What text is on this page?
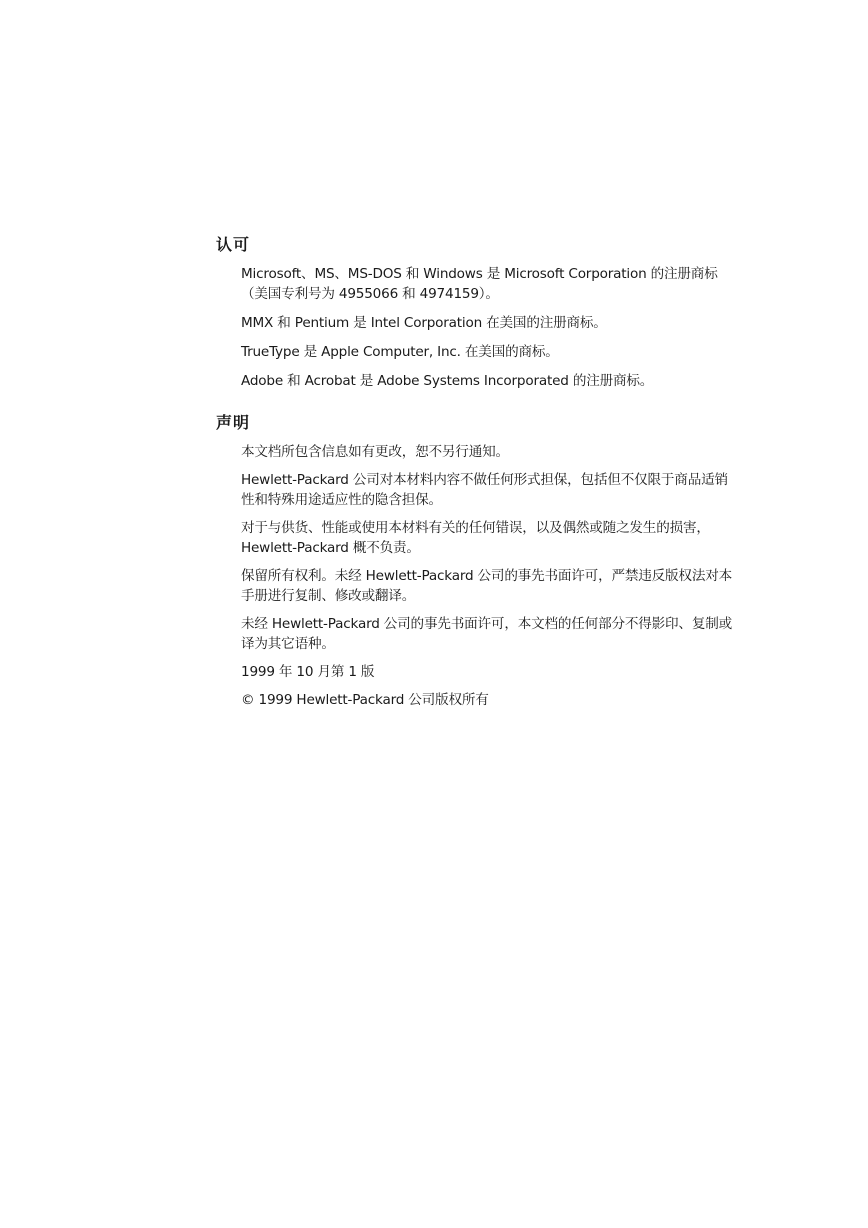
认可

Microsoft、MS、MS-DOS 和 Windows 是 Microsoft Corporation 的注册商标（美国专利号为 4955066 和 4974159）。

MMX 和 Pentium 是 Intel Corporation 在美国的注册商标。

TrueType 是 Apple Computer, Inc. 在美国的商标。

Adobe 和 Acrobat 是 Adobe Systems Incorporated 的注册商标。

声明

本文档所包含信息如有更改，恕不另行通知。

Hewlett-Packard 公司对本材料内容不做任何形式担保，包括但不仅限于商品适销性和特殊用途适应性的隐含担保。

对于与供货、性能或使用本材料有关的任何错误，以及偶然或随之发生的损害，Hewlett-Packard 概不负责。

保留所有权利。未经 Hewlett-Packard 公司的事先书面许可，严禁违反版权法对本手册进行复制、修改或翻译。

未经 Hewlett-Packard 公司的事先书面许可，本文档的任何部分不得影印、复制或译为其它语种。

1999 年 10 月第 1 版

© 1999 Hewlett-Packard 公司版权所有
